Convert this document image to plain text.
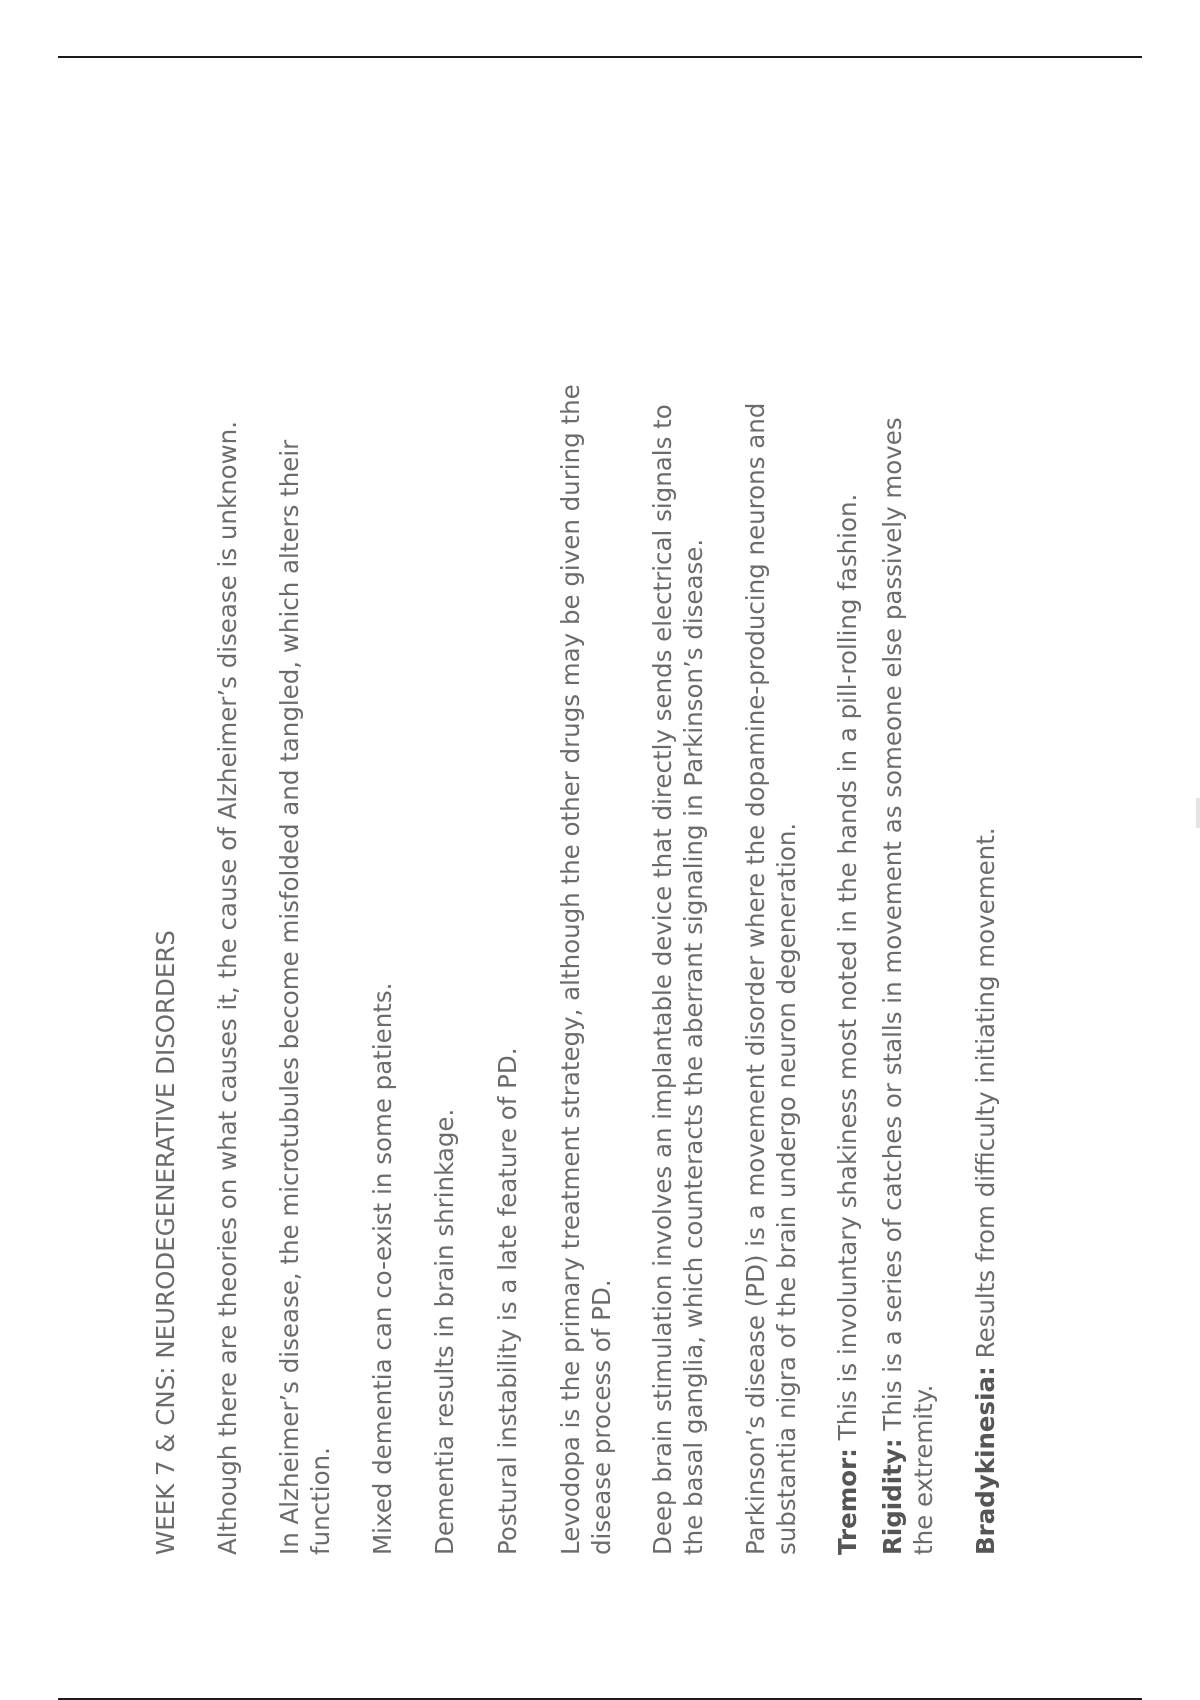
WEEK 7 & CNS: NEURODEGENERATIVE DISORDERS Although there are theories on what causes it, the cause of Alzheimer’s disease is unknown. In Alzheimer’s disease, the microtubules become misfolded and tangled, which alters their
function. Mixed dementia can co-exist in some patients. Dementia results in brain shrinkage. Postural instability is a late feature of PD. Levodopa is the primary treatment strategy, although the other drugs may be given during the
disease process of PD. Deep brain stimulation involves an implantable device that directly sends electrical signals to
the basal ganglia, which counteracts the aberrant signaling in Parkinson’s disease. Parkinson’s disease (PD) is a movement disorder where the dopamine-producing neurons and
substantia nigra of the brain undergo neuron degeneration. Tremor: This is involuntary shakiness most noted in the hands in a pill-rolling fashion.
Rigidity: This is a series of catches or stalls in movement as someone else passively moves
the extremity. Bradykinesia: Results from difficulty initiating movement.
